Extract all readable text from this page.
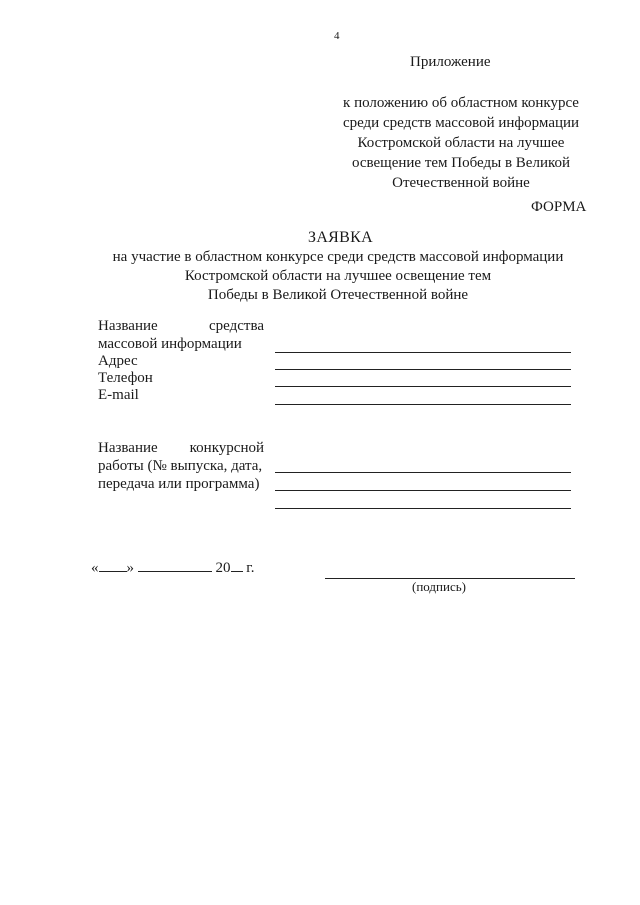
4
Приложение
к положению об областном конкурсе
среди средств массовой информации
Костромской области на лучшее
освещение тем Победы в Великой
Отечественной войне
ФОРМА
ЗАЯВКА
на участие в областном конкурсе среди средств массовой информации
Костромской области на лучшее освещение тем
Победы в Великой Отечественной войне
Название	средства
массовой информации
Адрес
Телефон
E-mail
Название конкурсной
работы (№ выпуска, дата,
передача или программа)
« »	20 г.
(подпись)
